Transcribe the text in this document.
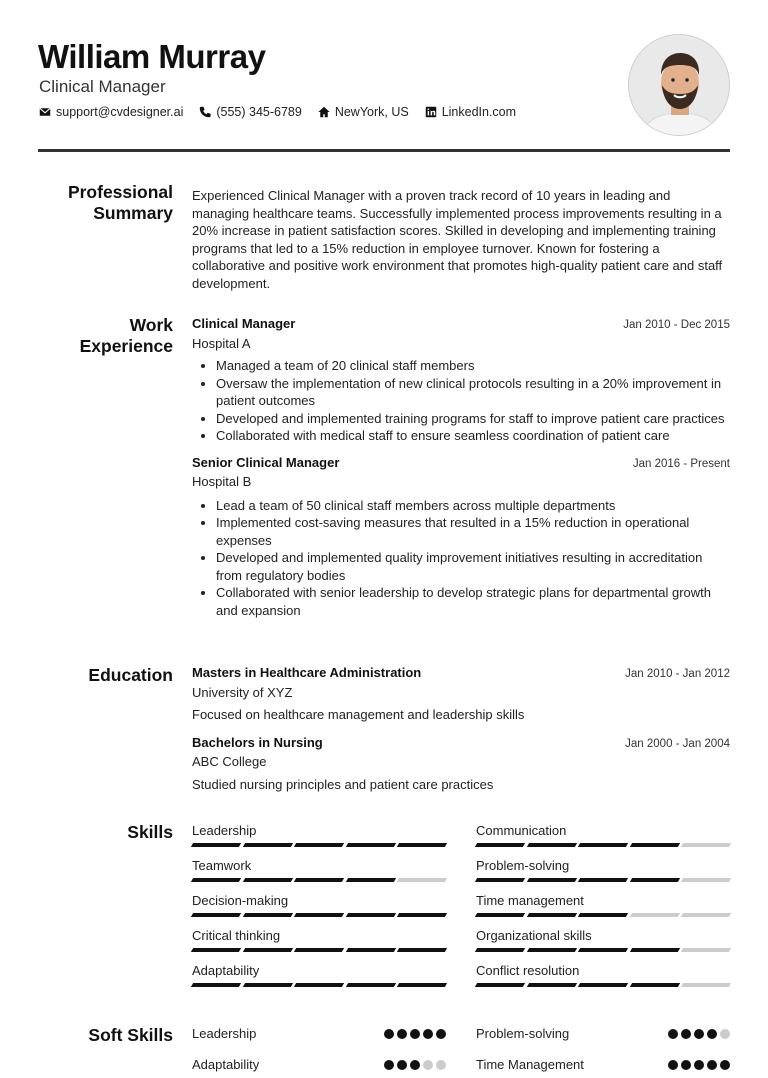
William Murray
Clinical Manager
support@cvdesigner.ai	(555) 345-6789	NewYork, US	LinkedIn.com
Professional
Summary
Experienced Clinical Manager with a proven track record of 10 years in leading and managing healthcare teams. Successfully implemented process improvements resulting in a 20% increase in patient satisfaction scores. Skilled in developing and implementing training programs that led to a 15% reduction in employee turnover. Known for fostering a collaborative and positive work environment that promotes high-quality patient care and staff development.
Work
Experience
Clinical Manager	Jan 2010 - Dec 2015
Hospital A
• Managed a team of 20 clinical staff members
• Oversaw the implementation of new clinical protocols resulting in a 20% improvement in patient outcomes
• Developed and implemented training programs for staff to improve patient care practices
• Collaborated with medical staff to ensure seamless coordination of patient care
Senior Clinical Manager	Jan 2016 - Present
Hospital B
• Lead a team of 50 clinical staff members across multiple departments
• Implemented cost-saving measures that resulted in a 15% reduction in operational expenses
• Developed and implemented quality improvement initiatives resulting in accreditation from regulatory bodies
• Collaborated with senior leadership to develop strategic plans for departmental growth and expansion
Education Masters in Healthcare Administration	Jan 2010 - Jan 2012
University of XYZ
Focused on healthcare management and leadership skills
Bachelors in Nursing	Jan 2000 - Jan 2004
ABC College
Studied nursing principles and patient care practices
Skills Leadership	Communication
Teamwork	Problem-solving
Decision-making	Time management
Critical thinking	Organizational skills
Adaptability	Conflict resolution
Soft Skills Leadership	Problem-solving
Adaptability	Time Management
